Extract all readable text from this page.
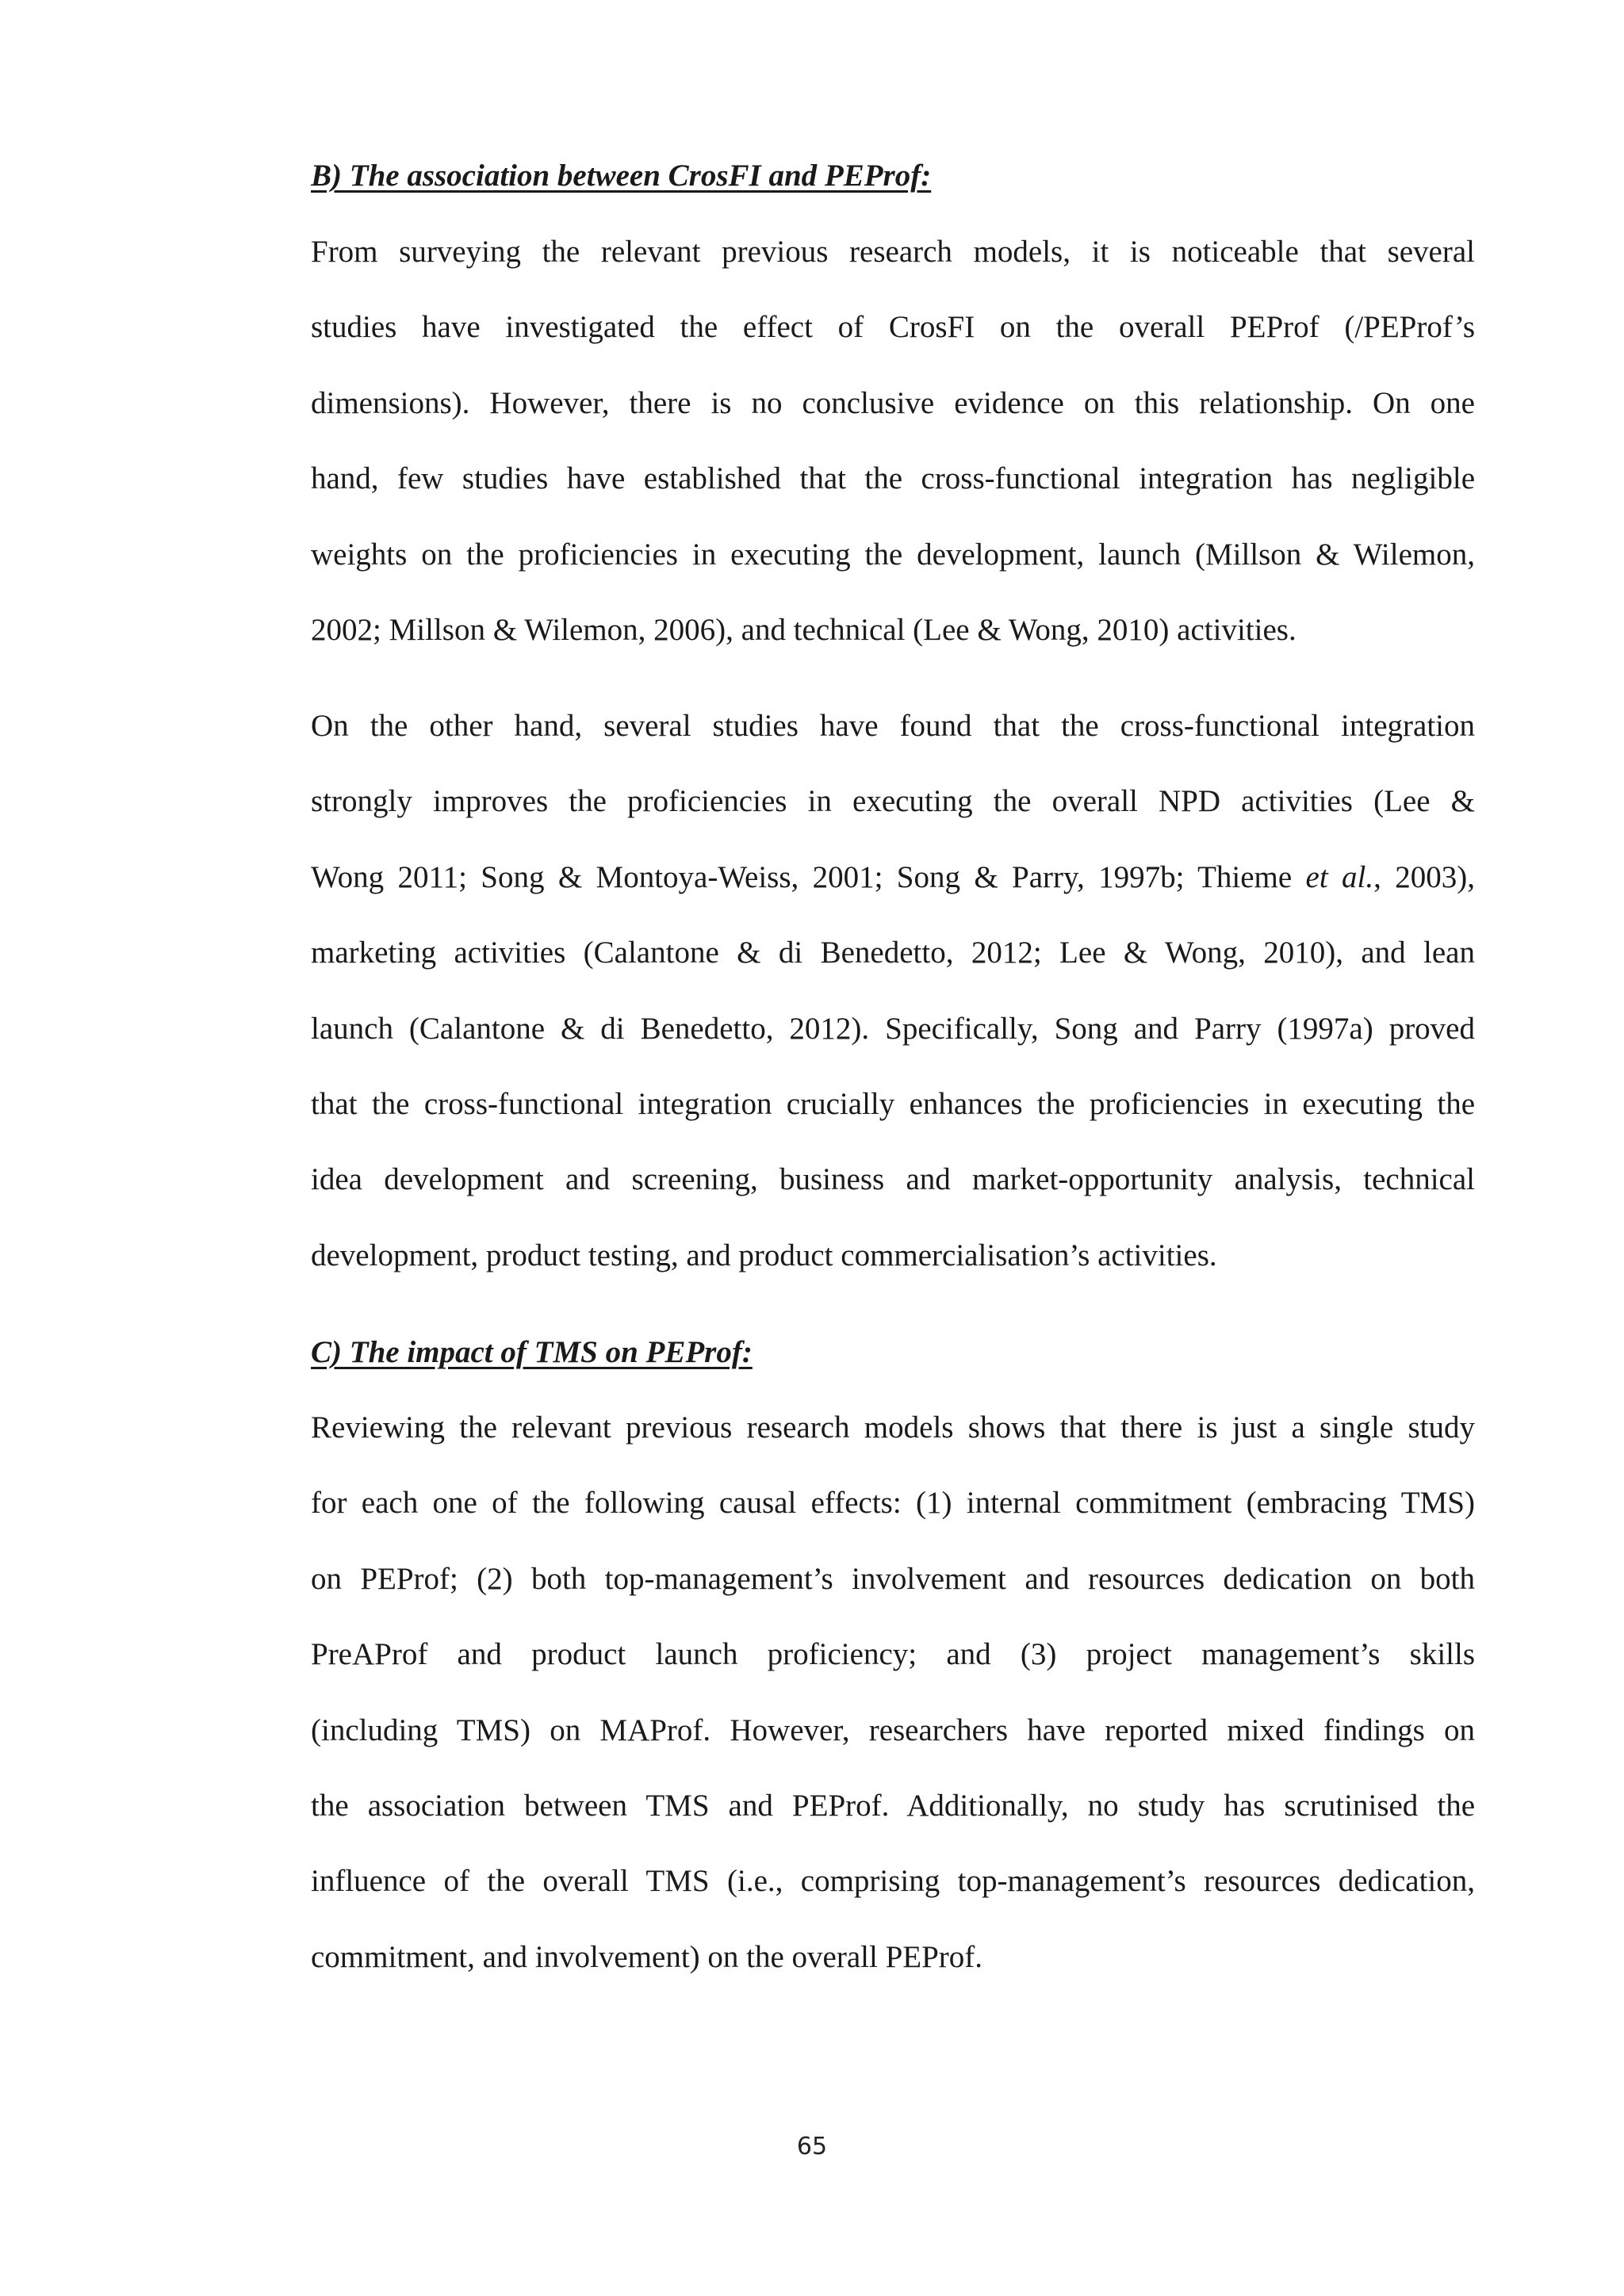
B) The association between CrosFI and PEProf:
From surveying the relevant previous research models, it is noticeable that several
studies have investigated the effect of CrosFI on the overall PEProf (/PEProf’s
dimensions). However, there is no conclusive evidence on this relationship. On one
hand, few studies have established that the cross-functional integration has negligible
weights on the proficiencies in executing the development, launch (Millson & Wilemon,
2002; Millson & Wilemon, 2006), and technical (Lee & Wong, 2010) activities.
On the other hand, several studies have found that the cross-functional integration
strongly improves the proficiencies in executing the overall NPD activities (Lee &
Wong 2011; Song & Montoya-Weiss, 2001; Song & Parry, 1997b; Thieme et al., 2003),
marketing activities (Calantone & di Benedetto, 2012; Lee & Wong, 2010), and lean
launch (Calantone & di Benedetto, 2012). Specifically, Song and Parry (1997a) proved
that the cross-functional integration crucially enhances the proficiencies in executing the
idea development and screening, business and market-opportunity analysis, technical
development, product testing, and product commercialisation’s activities.
C) The impact of TMS on PEProf:
Reviewing the relevant previous research models shows that there is just a single study
for each one of the following causal effects: (1) internal commitment (embracing TMS)
on PEProf; (2) both top-management’s involvement and resources dedication on both
PreAProf and product launch proficiency; and (3) project management’s skills
(including TMS) on MAProf. However, researchers have reported mixed findings on
the association between TMS and PEProf. Additionally, no study has scrutinised the
influence of the overall TMS (i.e., comprising top-management’s resources dedication,
commitment, and involvement) on the overall PEProf.
65
